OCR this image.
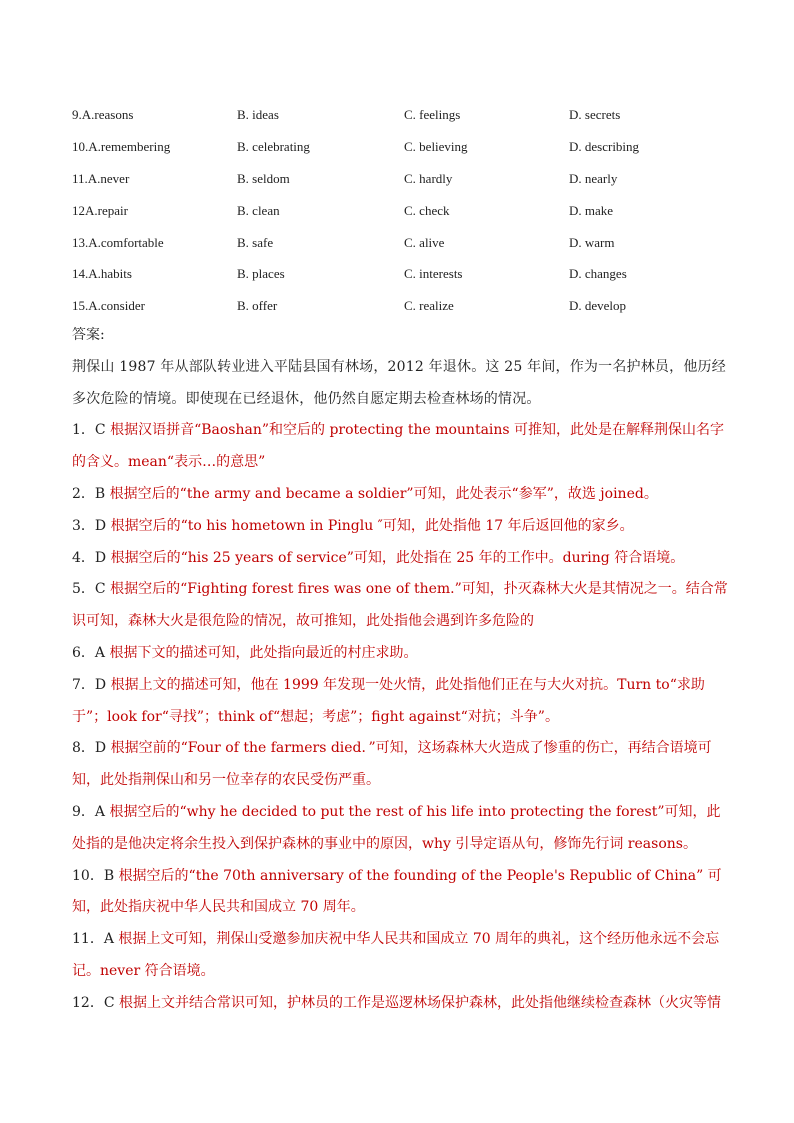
9.A.reasons	B. ideas	C. feelings	D. secrets
10.A.remembering	B. celebrating	C. believing	D. describing
11.A.never	B. seldom	C. hardly	D. nearly
12A.repair	B. clean	C. check	D. make
13.A.comfortable	B. safe	C. alive	D. warm
14.A.habits	B. places	C. interests	D. changes
15.A.consider	B. offer	C. realize	D. develop
答案:
荆保山 1987 年从部队转业进入平陆县国有林场，2012 年退休。这 25 年间，作为一名护林员，他历经多次危险的情境。即使现在已经退休，他仍然自愿定期去检查林场的情况。
1．C 根据汉语拼音“Baoshan”和空后的 protecting the mountains 可推知，此处是在解释荆保山名字的含义。mean“表示…的意思”
2．B 根据空后的“the army and became a soldier”可知，此处表示“参军”，故选 joined。
3．D 根据空后的“to his hometown in Pinglu ″可知，此处指他 17 年后返回他的家乡。
4．D 根据空后的“his 25 years of service”可知，此处指在 25 年的工作中。during 符合语境。
5．C 根据空后的“Fighting forest fires was one of them.”可知，扑灭森林大火是其情况之一。结合常识可知，森林大火是很危险的情况，故可推知，此处指他会遇到许多危险的
6．A 根据下文的描述可知，此处指向最近的村庄求助。
7．D 根据上文的描述可知，他在 1999 年发现一处火情，此处指他们正在与大火对抗。Turn to“求助于”；look for“寻找”；think of“想起；考虑”；fight against“对抗；斗争”。
8．D 根据空前的“Four of the farmers died．”可知，这场森林大火造成了惨重的伤亡，再结合语境可知，此处指荆保山和另一位幸存的农民受伤严重。
9．A 根据空后的“why he decided to put the rest of his life into protecting the forest”可知，此处指的是他决定将余生投入到保护森林的事业中的原因，why 引导定语从句，修饰先行词 reasons。
10．B 根据空后的“the 70th anniversary of the founding of the People's Republic of China” 可知，此处指庆祝中华人民共和国成立 70 周年。
11．A 根据上文可知，荆保山受邀参加庆祝中华人民共和国成立 70 周年的典礼，这个经历他永远不会忘记。never 符合语境。
12．C 根据上文并结合常识可知，护林员的工作是巡逻林场保护森林，此处指他继续检查森林（火灾等情
